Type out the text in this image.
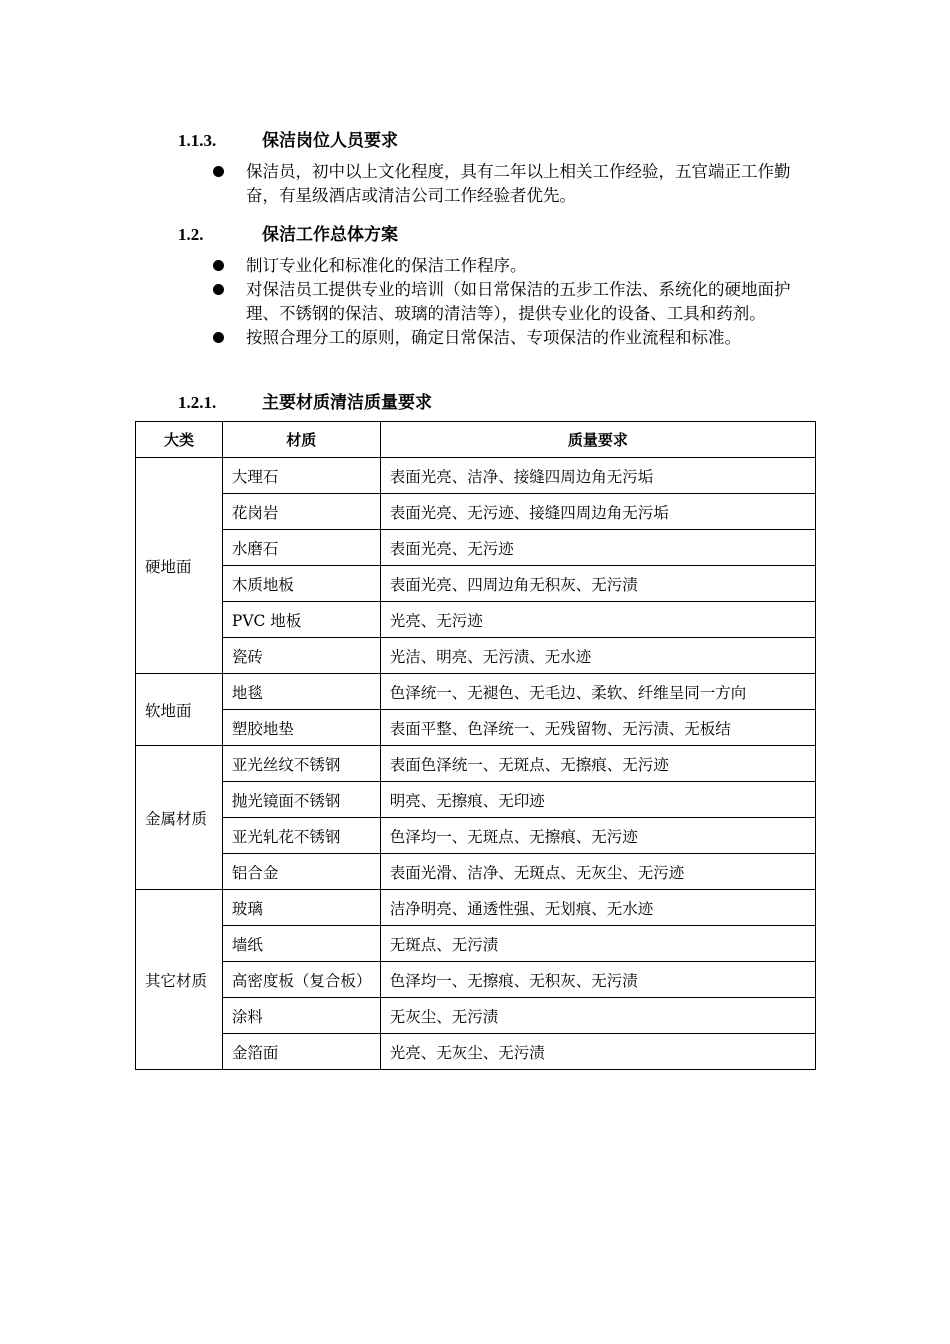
1.1.3.	保洁岗位人员要求
保洁员，初中以上文化程度，具有二年以上相关工作经验，五官端正工作勤奋，有星级酒店或清洁公司工作经验者优先。
1.2.	保洁工作总体方案
制订专业化和标准化的保洁工作程序。
对保洁员工提供专业的培训（如日常保洁的五步工作法、系统化的硬地面护理、不锈钢的保洁、玻璃的清洁等），提供专业化的设备、工具和药剂。
按照合理分工的原则，确定日常保洁、专项保洁的作业流程和标准。
1.2.1.	主要材质清洁质量要求
大类	材质	质量要求
硬地面	大理石	表面光亮、洁净、接缝四周边角无污垢
	花岗岩	表面光亮、无污迹、接缝四周边角无污垢
	水磨石	表面光亮、无污迹
	木质地板	表面光亮、四周边角无积灰、无污渍
	PVC 地板	光亮、无污迹
	瓷砖	光洁、明亮、无污渍、无水迹
软地面	地毯	色泽统一、无褪色、无毛边、柔软、纤维呈同一方向
	塑胶地垫	表面平整、色泽统一、无残留物、无污渍、无板结
金属材质	亚光丝纹不锈钢	表面色泽统一、无斑点、无擦痕、无污迹
	抛光镜面不锈钢	明亮、无擦痕、无印迹
	亚光轧花不锈钢	色泽均一、无斑点、无擦痕、无污迹
	铝合金	表面光滑、洁净、无斑点、无灰尘、无污迹
其它材质	玻璃	洁净明亮、通透性强、无划痕、无水迹
	墙纸	无斑点、无污渍
	高密度板（复合板）	色泽均一、无擦痕、无积灰、无污渍
	涂料	无灰尘、无污渍
	金箔面	光亮、无灰尘、无污渍
